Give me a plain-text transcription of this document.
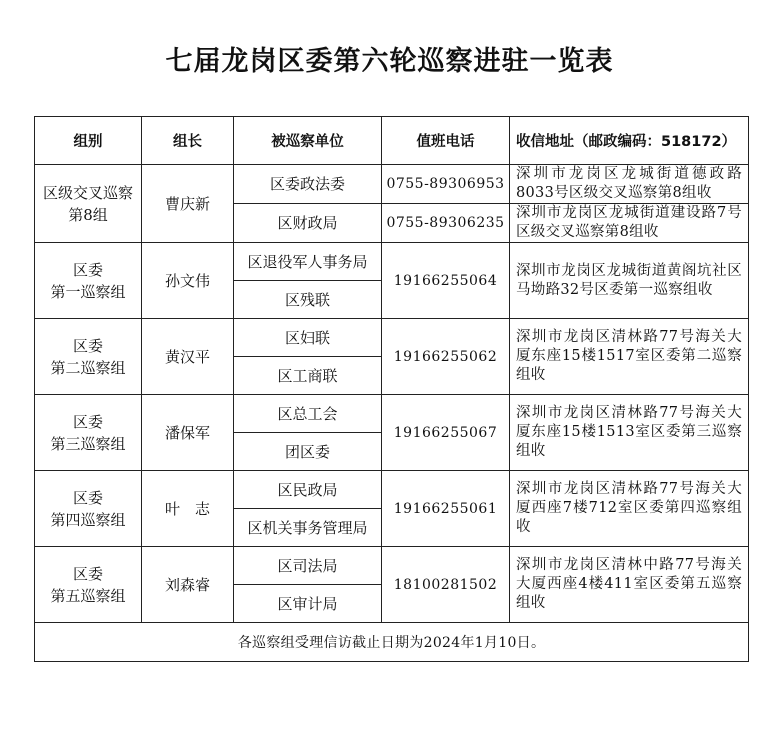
七届龙岗区委第六轮巡察进驻一览表
组别	组长	被巡察单位	值班电话	收信地址（邮政编码：518172）

区级交叉巡察第8组	曹庆新	区委政法委	0755-89306953	深圳市龙岗区龙城街道德政路8033号区级交叉巡察第8组收
		区财政局	0755-89306235	深圳市龙岗区龙城街道建设路7号区级交叉巡察第8组收

区委
第一巡察组	孙文伟	区退役军人事务局	19166255064	深圳市龙岗区龙城街道黄阁坑社区马坳路32号区委第一巡察组收
		区残联		

区委
第二巡察组	黄汉平	区妇联	19166255062	深圳市龙岗区清林路77号海关大厦东座15楼1517室区委第二巡察组收
		区工商联		

区委
第三巡察组	潘保军	区总工会	19166255067	深圳市龙岗区清林路77号海关大厦东座15楼1513室区委第三巡察组收
		团区委		

区委
第四巡察组	叶　志	区民政局	19166255061	深圳市龙岗区清林路77号海关大厦西座7楼712室区委第四巡察组收
		区机关事务管理局		

区委
第五巡察组	刘森睿	区司法局	18100281502	深圳市龙岗区清林中路77号海关大厦西座4楼411室区委第五巡察组收
		区审计局		
各巡察组受理信访截止日期为2024年1月10日。				
